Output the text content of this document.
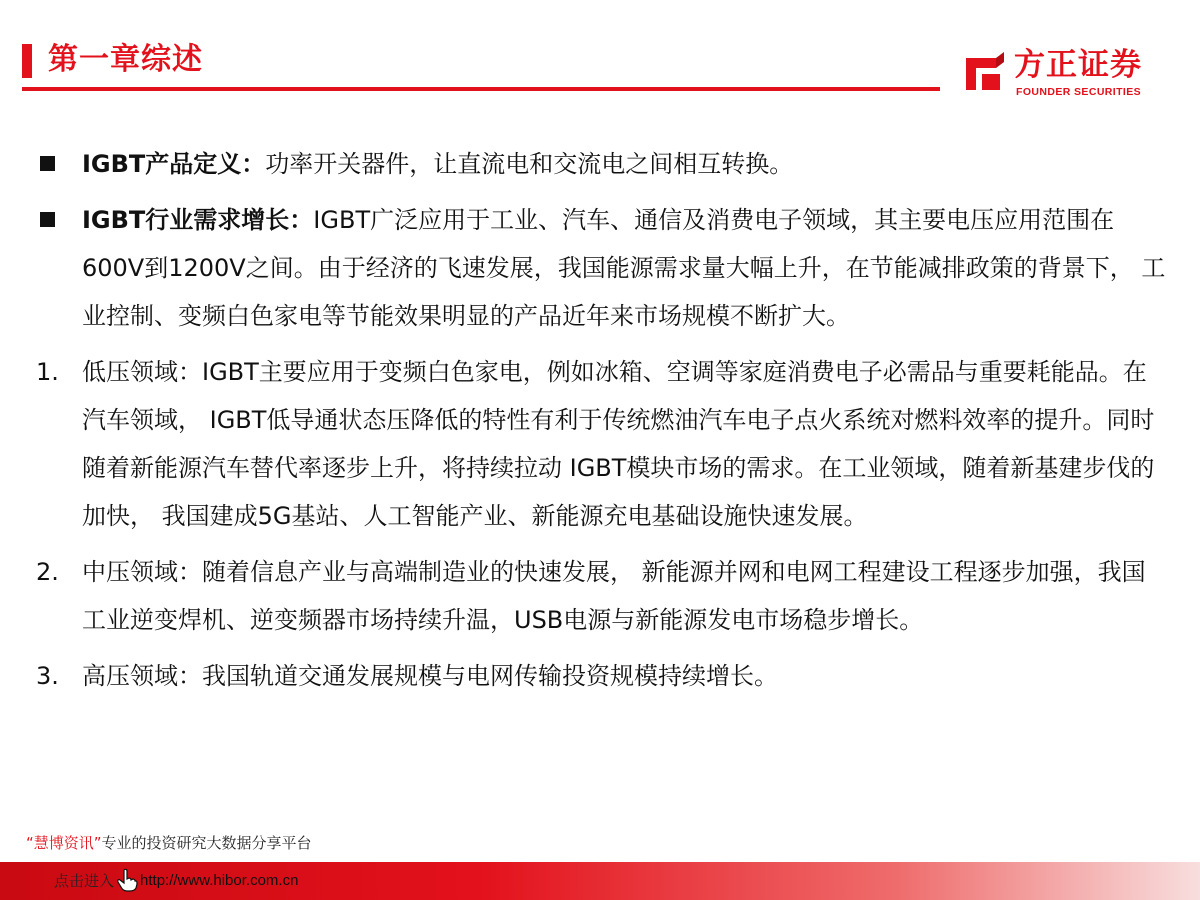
第一章综述	方正证券
FOUNDER SECURITIES
IGBT产品定义：功率开关器件，让直流电和交流电之间相互转换。
IGBT行业需求增长：IGBT广泛应用于工业、汽车、通信及消费电子领域，其主要电压应用范围在600V到1200V之间。由于经济的飞速发展，我国能源需求量大幅上升，在节能减排政策的背景下， 工业控制、变频白色家电等节能效果明显的产品近年来市场规模不断扩大。
1. 低压领域：IGBT主要应用于变频白色家电，例如冰箱、空调等家庭消费电子必需品与重要耗能品。在汽车领域， IGBT低导通状态压降低的特性有利于传统燃油汽车电子点火系统对燃料效率的提升。同时随着新能源汽车替代率逐步上升，将持续拉动 IGBT模块市场的需求。在工业领域，随着新基建步伐的加快， 我国建成5G基站、人工智能产业、新能源充电基础设施快速发展。
2. 中压领域：随着信息产业与高端制造业的快速发展， 新能源并网和电网工程建设工程逐步加强，我国工业逆变焊机、逆变频器市场持续升温，USB电源与新能源发电市场稳步增长。
3. 高压领域：我国轨道交通发展规模与电网传输投资规模持续增长。
“慧博资讯”专业的投资研究大数据分享平台
点击进入 http://www.hibor.com.cn
